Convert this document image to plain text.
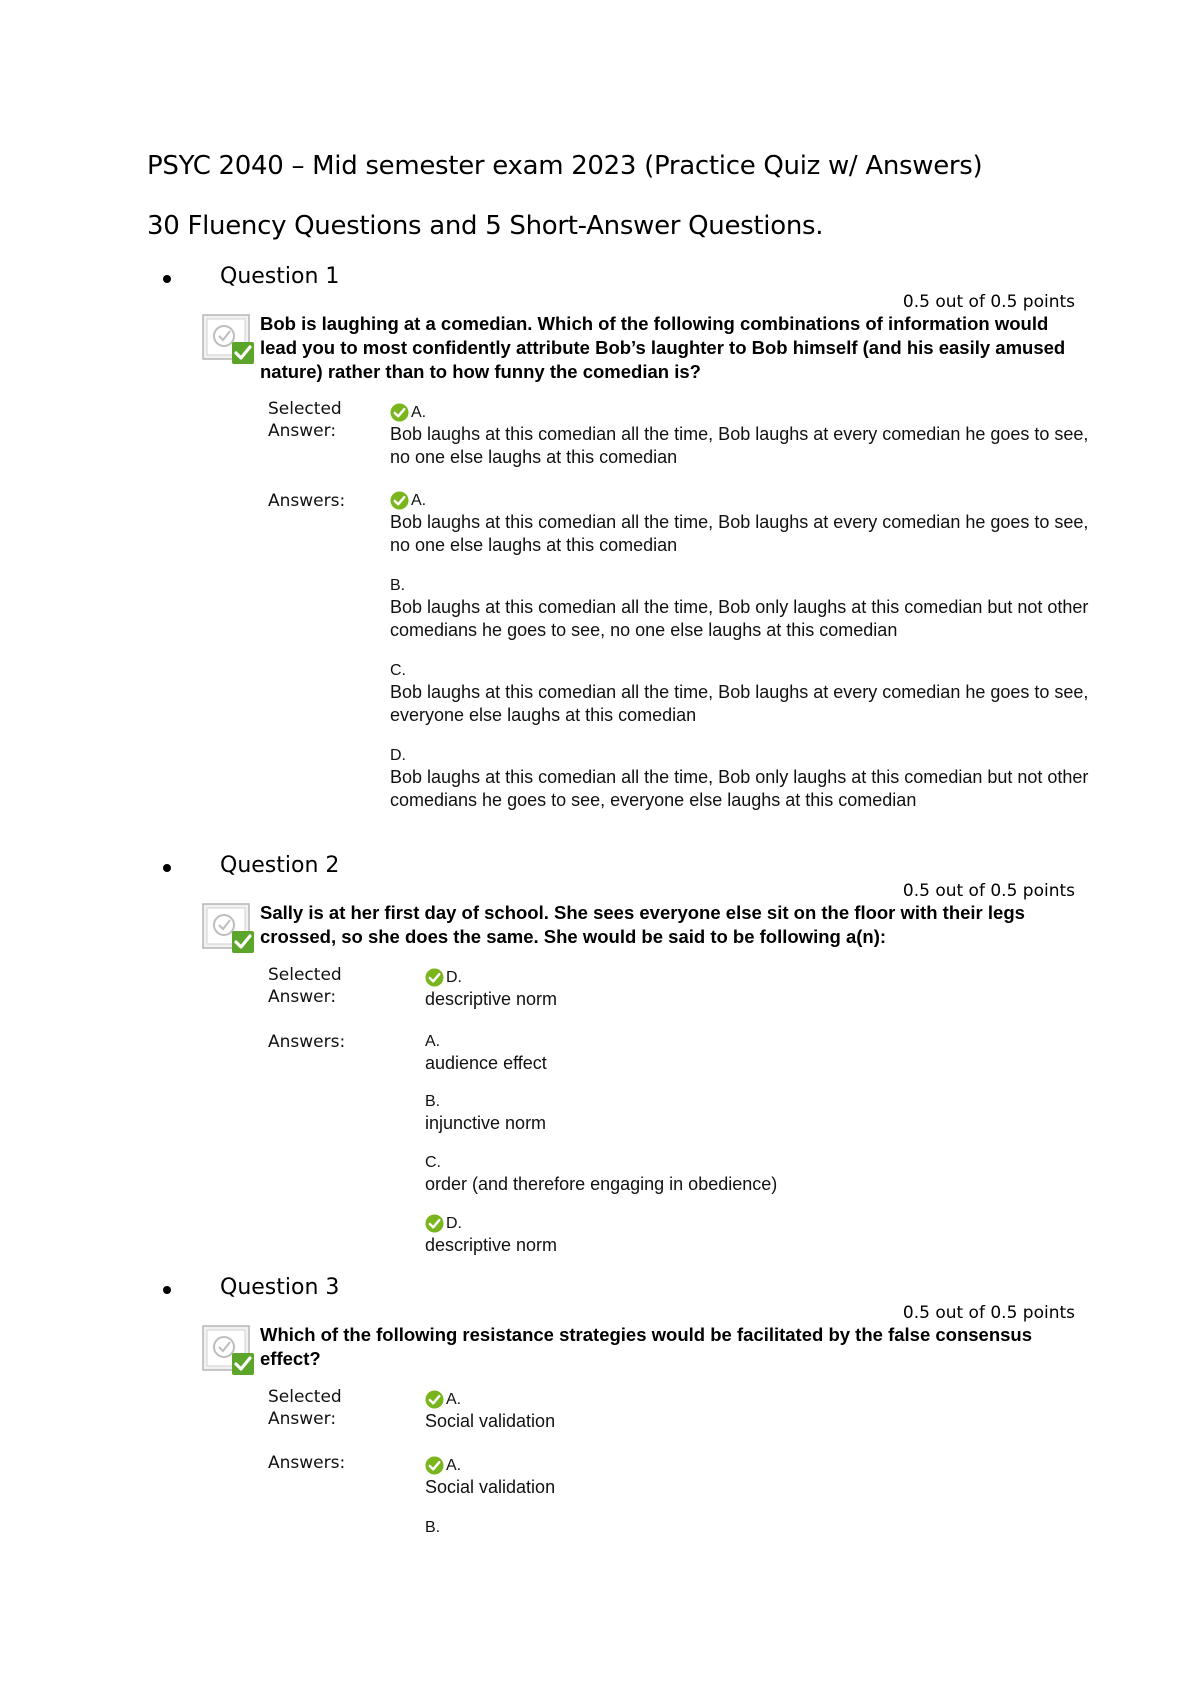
PSYC 2040 – Mid semester exam 2023 (Practice Quiz w/ Answers)
30 Fluency Questions and 5 Short-Answer Questions.
Question 1
0.5 out of 0.5 points
Bob is laughing at a comedian. Which of the following combinations of information would lead you to most confidently attribute Bob’s laughter to Bob himself (and his easily amused nature) rather than to how funny the comedian is?
Selected Answer:
A.
Bob laughs at this comedian all the time, Bob laughs at every comedian he goes to see, no one else laughs at this comedian
Answers:	A.
Bob laughs at this comedian all the time, Bob laughs at every comedian he goes to see, no one else laughs at this comedian
B.
Bob laughs at this comedian all the time, Bob only laughs at this comedian but not other comedians he goes to see, no one else laughs at this comedian
C.
Bob laughs at this comedian all the time, Bob laughs at every comedian he goes to see, everyone else laughs at this comedian
D.
Bob laughs at this comedian all the time, Bob only laughs at this comedian but not other comedians he goes to see, everyone else laughs at this comedian
Question 2
0.5 out of 0.5 points
Sally is at her first day of school. She sees everyone else sit on the floor with their legs crossed, so she does the same. She would be said to be following a(n):
Selected Answer:
D.
descriptive norm
Answers:	A.
audience effect
B.
injunctive norm
C.
order (and therefore engaging in obedience)
D.
descriptive norm
Question 3
0.5 out of 0.5 points
Which of the following resistance strategies would be facilitated by the false consensus effect?
Selected Answer:
A.
Social validation
Answers:	A.
Social validation
B.
